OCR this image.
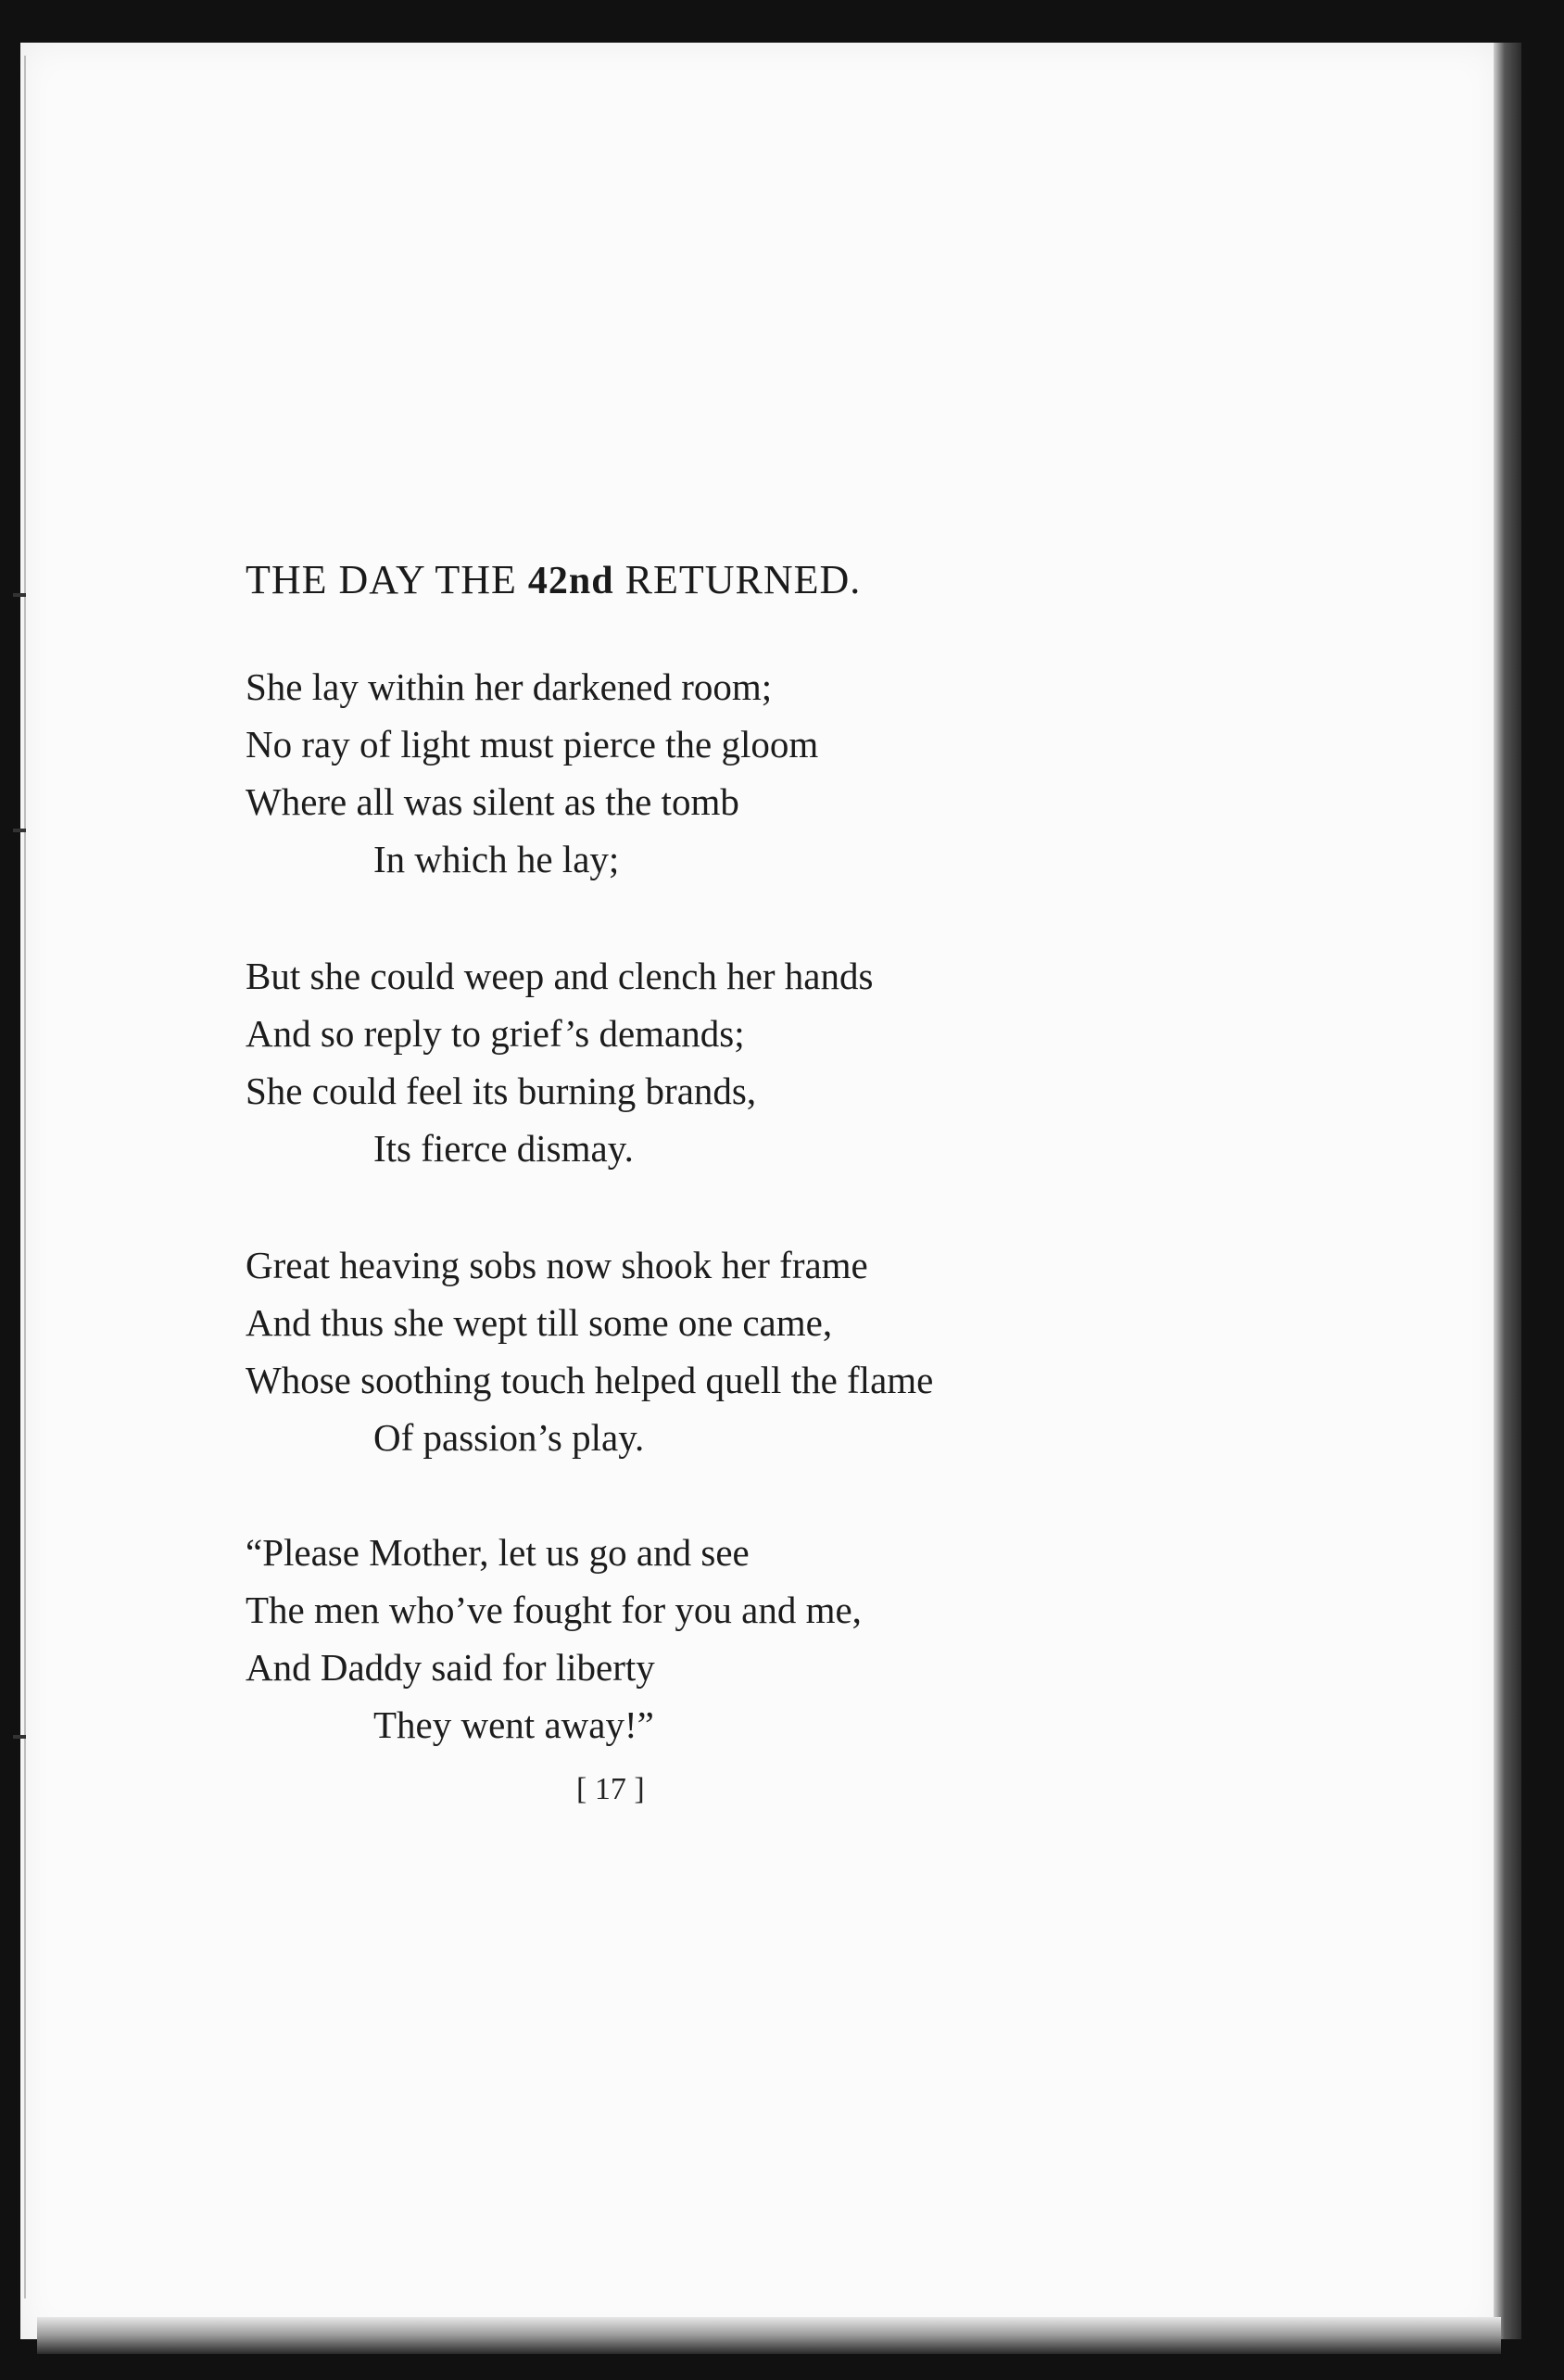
THE DAY THE 42nd RETURNED.
She lay within her darkened room;
No ray of light must pierce the gloom
Where all was silent as the tomb
In which he lay;
But she could weep and clench her hands
And so reply to grief’s demands;
She could feel its burning brands,
Its fierce dismay.
Great heaving sobs now shook her frame
And thus she wept till some one came,
Whose soothing touch helped quell the flame
Of passion’s play.
“Please Mother, let us go and see
The men who’ve fought for you and me,
And Daddy said for liberty
They went away!”
[ 17 ]
